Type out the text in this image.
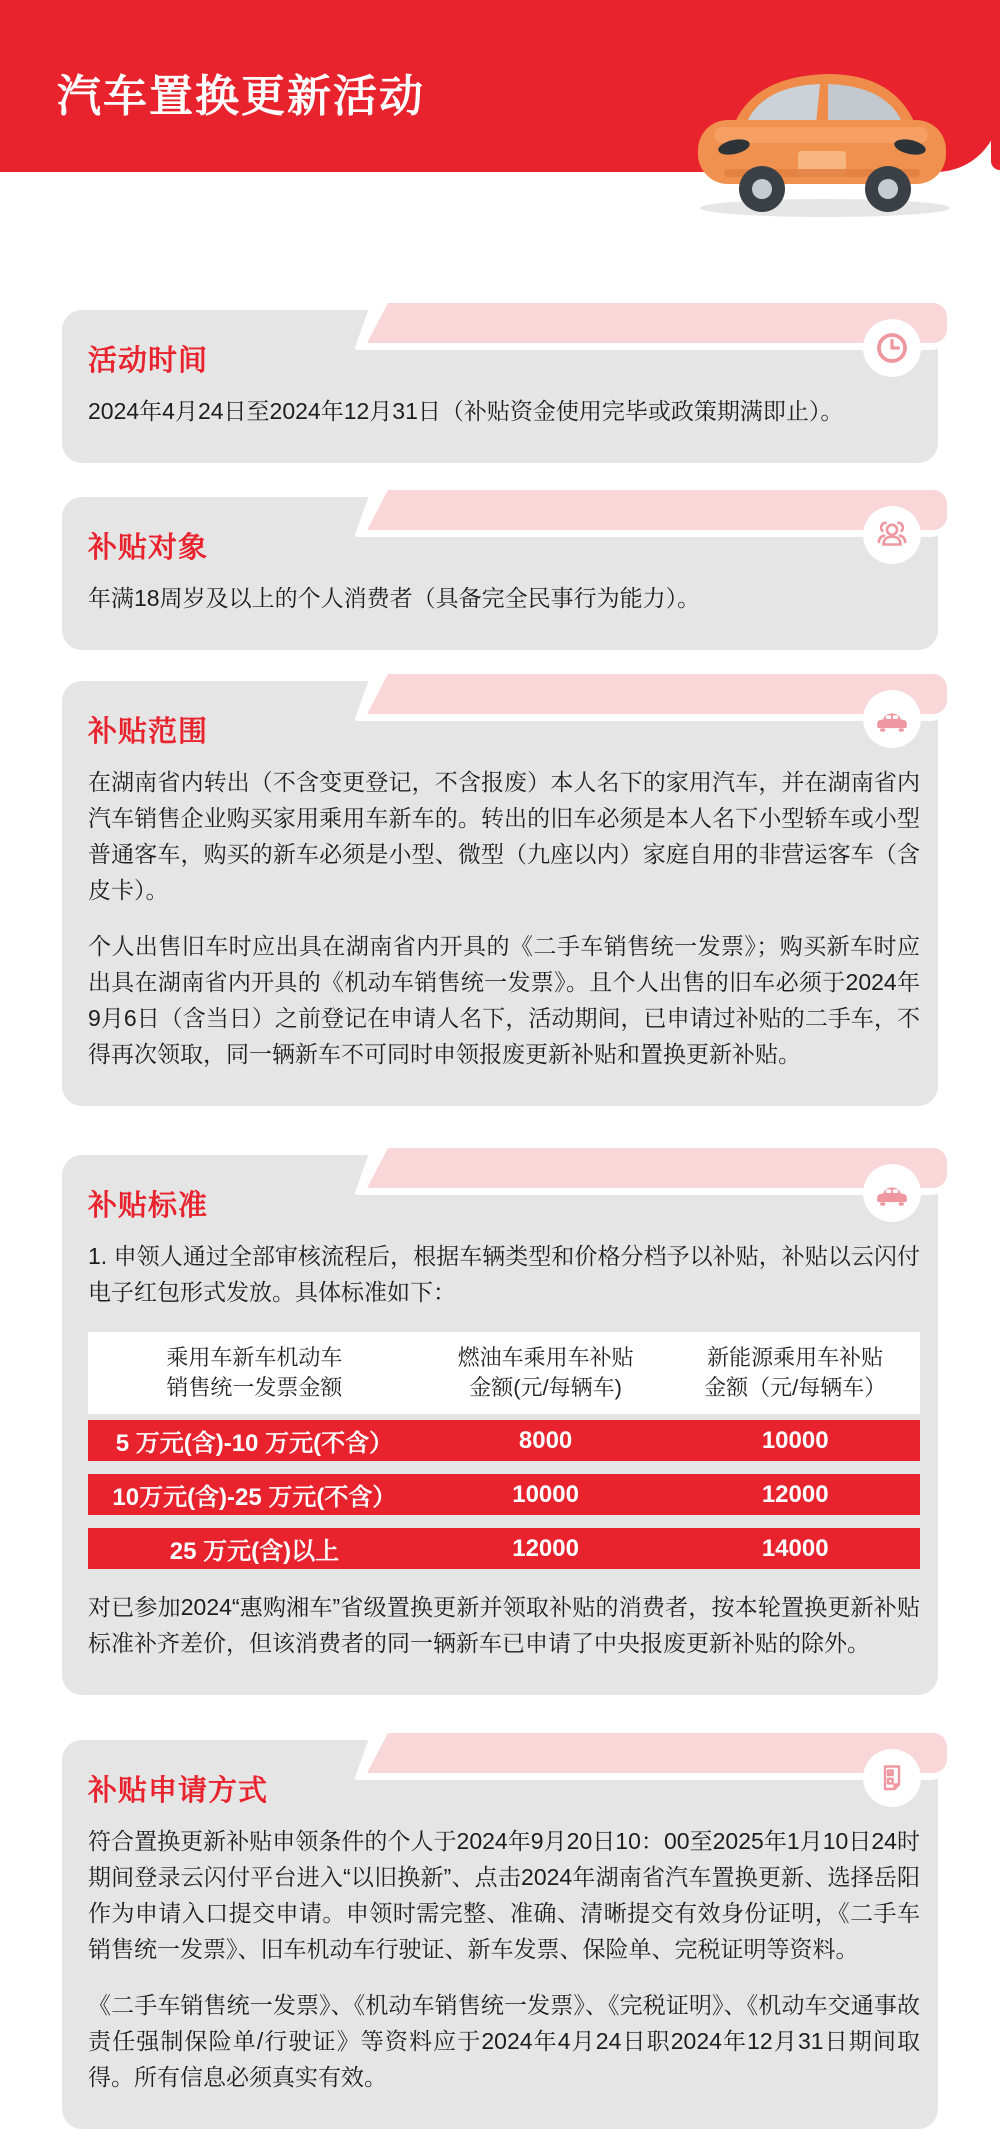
汽车置换更新活动
活动时间

2024年4月24日至2024年12月31日（补贴资金使用完毕或政策期满即止）。

补贴对象

年满18周岁及以上的个人消费者（具备完全民事行为能力）。

补贴范围

在湖南省内转出（不含变更登记，不含报废）本人名下的家用汽车，并在湖南省内汽车销售企业购买家用乘用车新车的。转出的旧车必须是本人名下小型轿车或小型普通客车，购买的新车必须是小型、微型（九座以内）家庭自用的非营运客车（含皮卡）。

个人出售旧车时应出具在湖南省内开具的《二手车销售统一发票》；购买新车时应出具在湖南省内开具的《机动车销售统一发票》。且个人出售的旧车必须于2024年9月6日（含当日）之前登记在申请人名下，活动期间，已申请过补贴的二手车，不得再次领取，同一辆新车不可同时申领报废更新补贴和置换更新补贴。

补贴标准

1. 申领人通过全部审核流程后，根据车辆类型和价格分档予以补贴，补贴以云闪付电子红包形式发放。具体标准如下：

乘用车新车机动车
销售统一发票金额
燃油车乘用车补贴
金额(元/每辆车)
新能源乘用车补贴
金额（元/每辆车）
5 万元(含)-10 万元(不含）	8000	10000
10万元(含)-25 万元(不含）	10000	12000
25 万元(含)以上	12000	14000

对已参加2024“惠购湘车”省级置换更新并领取补贴的消费者，按本轮置换更新补贴标准补齐差价，但该消费者的同一辆新车已申请了中央报废更新补贴的除外。

补贴申请方式

符合置换更新补贴申领条件的个人于2024年9月20日10：00至2025年1月10日24时期间登录云闪付平台进入“以旧换新”、点击2024年湖南省汽车置换更新、选择岳阳作为申请入口提交申请。申领时需完整、准确、清晰提交有效身份证明，《二手车销售统一发票》、旧车机动车行驶证、新车发票、保险单、完税证明等资料。

《二手车销售统一发票》、《机动车销售统一发票》、《完税证明》、《机动车交通事故责任强制保险单/行驶证》等资料应于2024年4月24日职2024年12月31日期间取得。所有信息必须真实有效。
